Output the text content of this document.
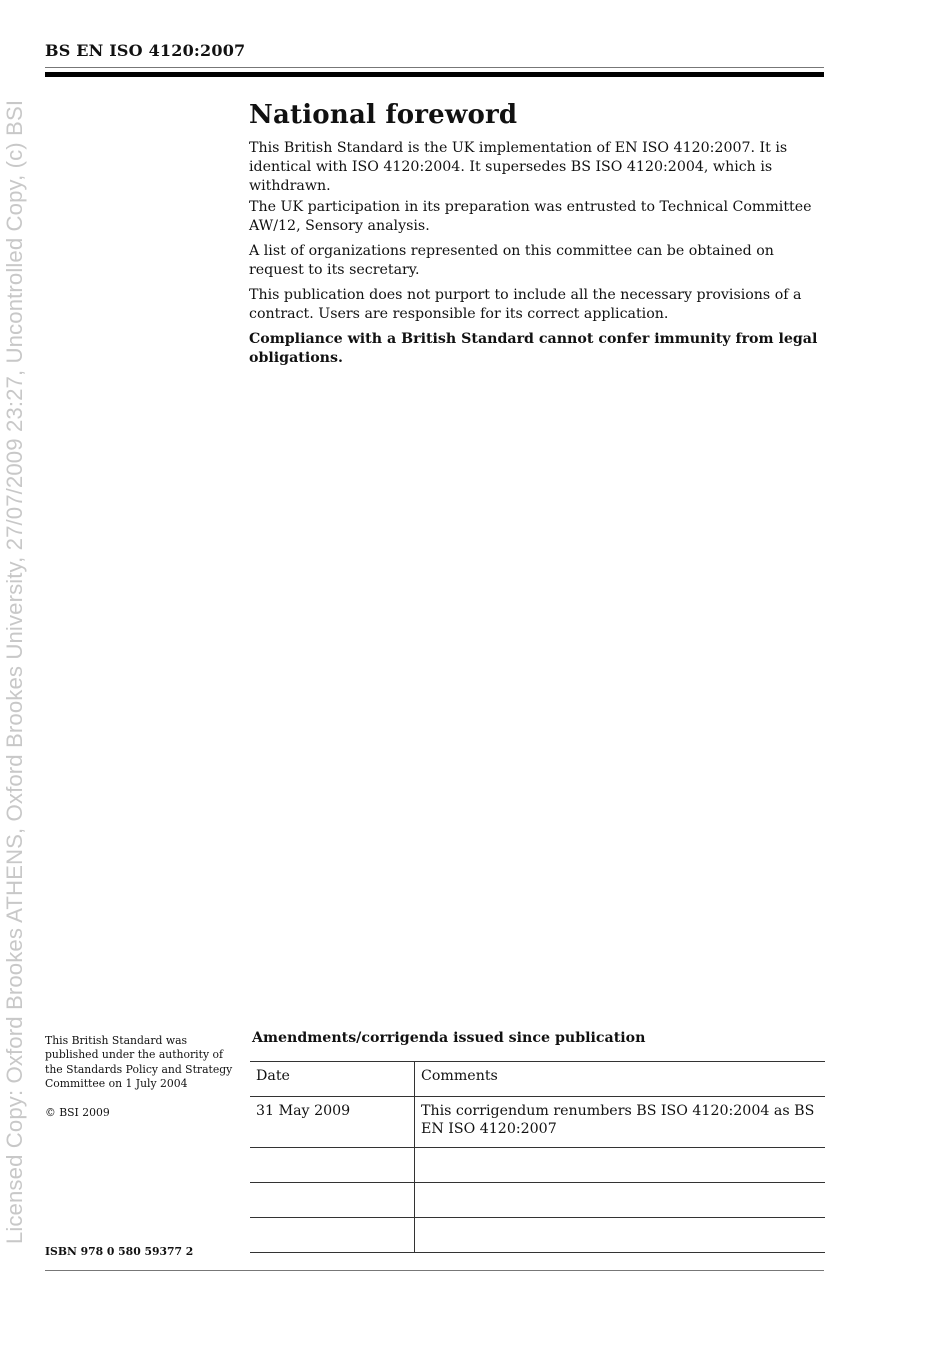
Licensed Copy: Oxford Brookes ATHENS, Oxford Brookes University, 27/07/2009 23:27, Uncontrolled Copy, (c) BSI
BS EN ISO 4120:2007
National foreword

This British Standard is the UK implementation of EN ISO 4120:2007. It is identical with ISO 4120:2004. It supersedes BS ISO 4120:2004, which is withdrawn.

The UK participation in its preparation was entrusted to Technical Committee AW/12, Sensory analysis.

A list of organizations represented on this committee can be obtained on request to its secretary.

This publication does not purport to include all the necessary provisions of a contract. Users are responsible for its correct application.

Compliance with a British Standard cannot confer immunity from legal obligations.

This British Standard was published under the authority of the Standards Policy and Strategy Committee on 1 July 2004

© BSI 2009

ISBN 978 0 580 59377 2
Amendments/corrigenda issued since publication
Date	Comments
31 May 2009	This corrigendum renumbers BS ISO 4120:2004 as BS EN ISO 4120:2007
